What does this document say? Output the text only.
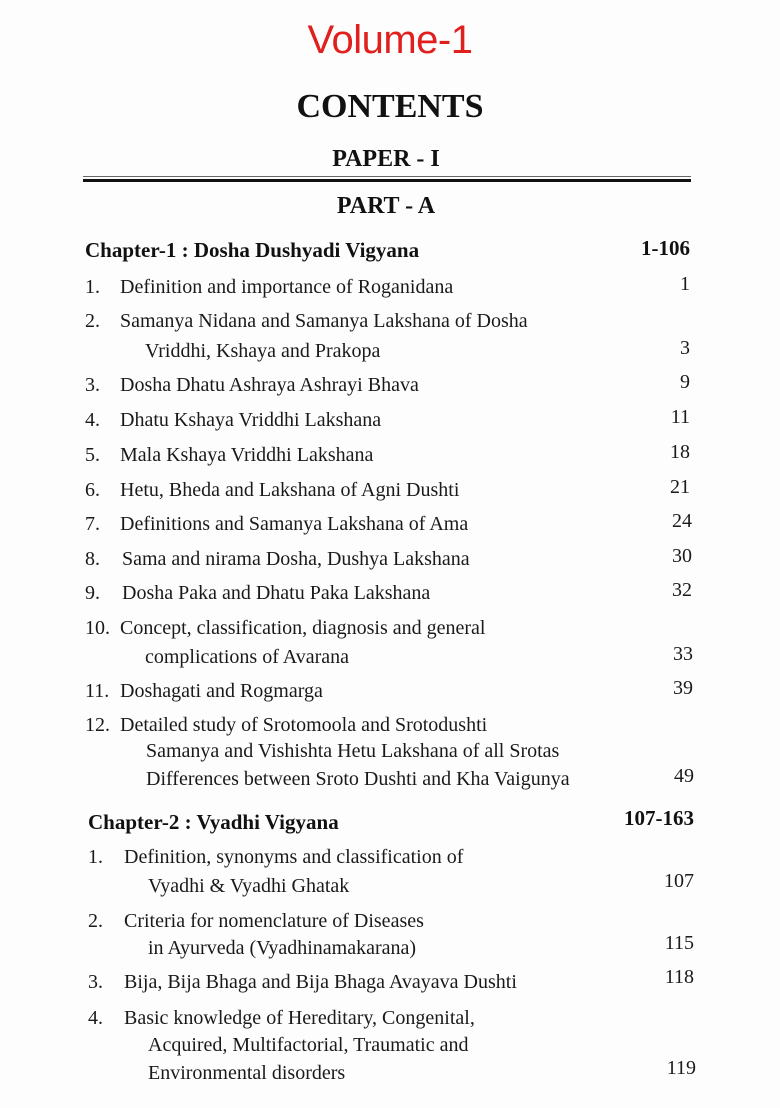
Volume-1
CONTENTS
PAPER - I
PART - A
Chapter-1 : Dosha Dushyadi Vigyana	1-106
1. Definition and importance of Roganidana	1
2. Samanya Nidana and Samanya Lakshana of Dosha
Vriddhi, Kshaya and Prakopa	3
3. Dosha Dhatu Ashraya Ashrayi Bhava	9
4. Dhatu Kshaya Vriddhi Lakshana	11
5. Mala Kshaya Vriddhi Lakshana	18
6. Hetu, Bheda and Lakshana of Agni Dushti	21
7. Definitions and Samanya Lakshana of Ama	24
8. Sama and nirama Dosha, Dushya Lakshana	30
9. Dosha Paka and Dhatu Paka Lakshana	32
10. Concept, classification, diagnosis and general
complications of Avarana	33
11. Doshagati and Rogmarga	39
12. Detailed study of Srotomoola and Srotodushti
Samanya and Vishishta Hetu Lakshana of all Srotas
Differences between Sroto Dushti and Kha Vaigunya	49
Chapter-2 : Vyadhi Vigyana	107-163
1. Definition, synonyms and classification of
Vyadhi & Vyadhi Ghatak	107
2. Criteria for nomenclature of Diseases
in Ayurveda (Vyadhinamakarana)	115
3. Bija, Bija Bhaga and Bija Bhaga Avayava Dushti	118
4. Basic knowledge of Hereditary, Congenital,
Acquired, Multifactorial, Traumatic and
Environmental disorders	119
